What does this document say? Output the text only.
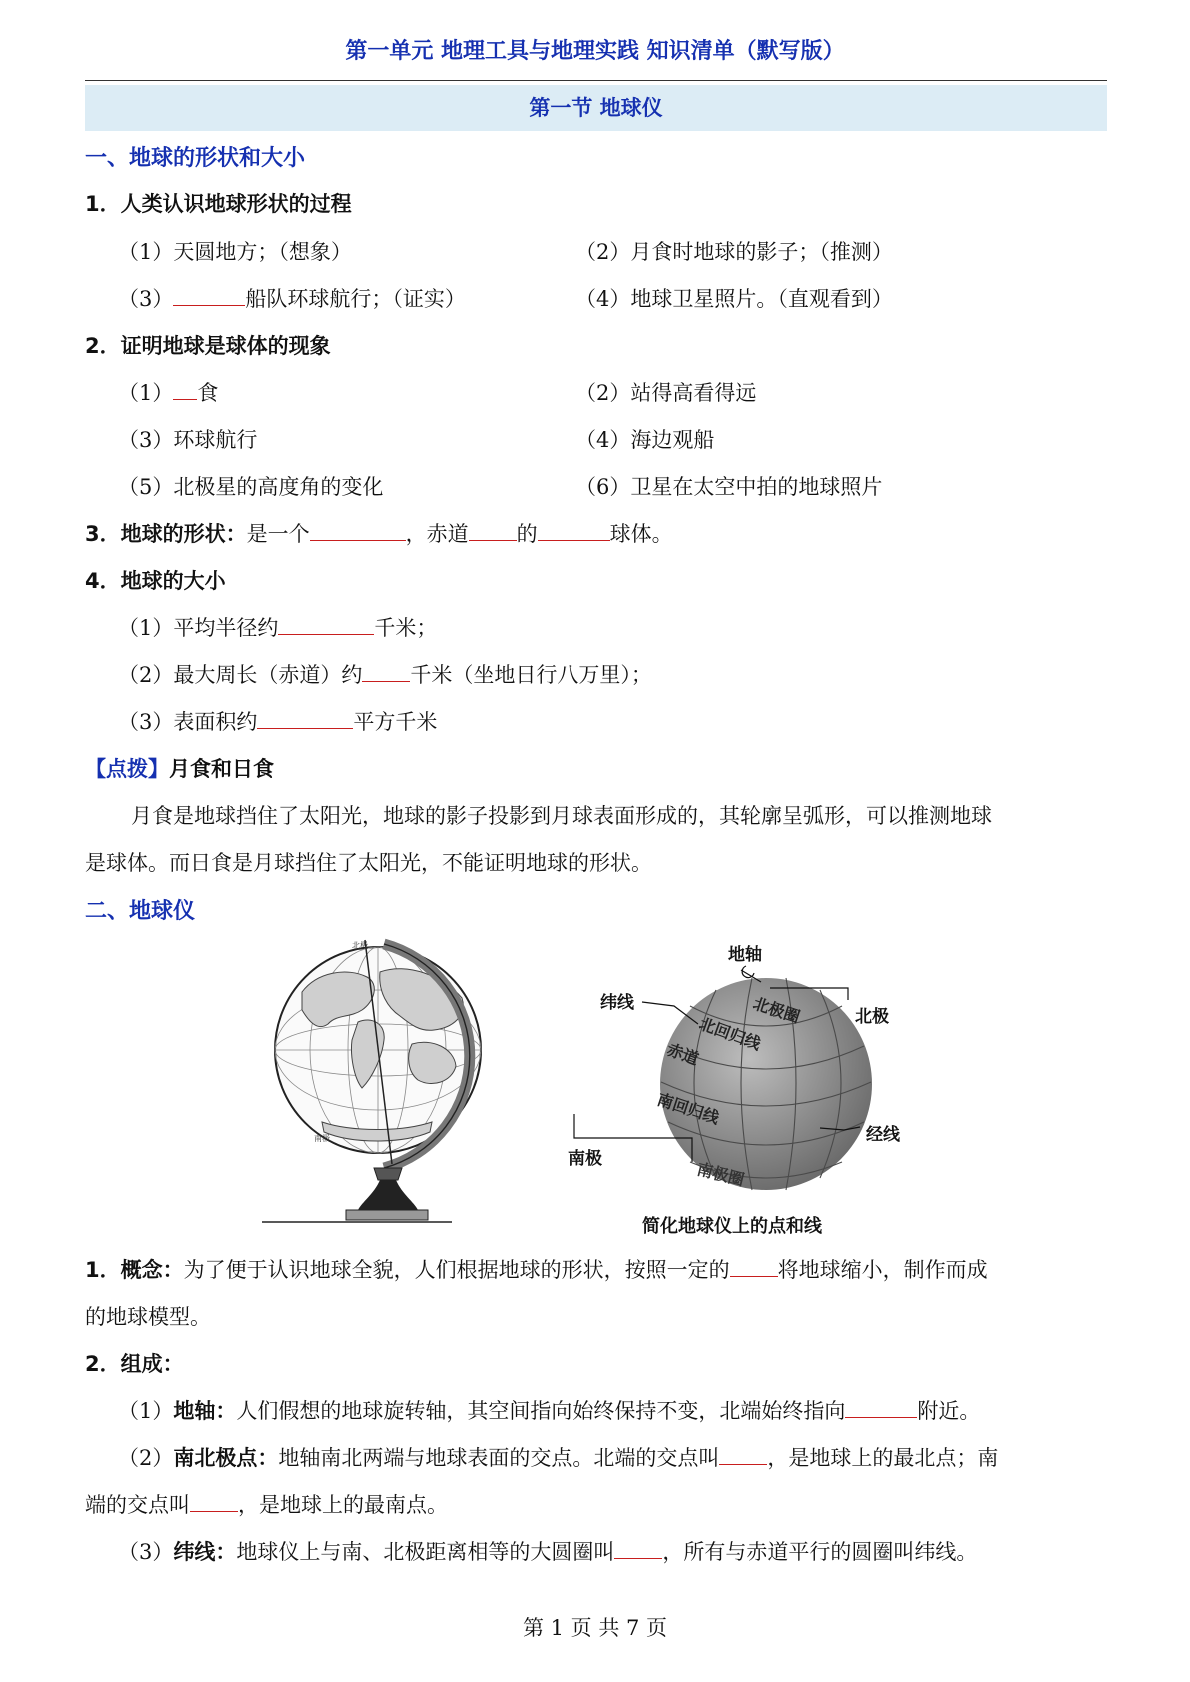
第一单元 地理工具与地理实践 知识清单（默写版）
第一节 地球仪
一、地球的形状和大小
1．人类认识地球形状的过程
（1）天圆地方；（想象）	（2）月食时地球的影子；（推测）
（3）	船队环球航行；（证实）	（4）地球卫星照片。（直观看到）
2．证明地球是球体的现象
（1） 食	（2）站得高看得远
（3）环球航行	（4）海边观船
（5）北极星的高度角的变化	（6）卫星在太空中拍的地球照片
3．地球的形状：是一个	，赤道 的	球体。
4．地球的大小
（1）平均半径约	千米；
（2）最大周长（赤道）约 千米（坐地日行八万里）；
（3）表面积约	平方千米
【点拨】月食和日食
月食是地球挡住了太阳光，地球的影子投影到月球表面形成的，其轮廓呈弧形，可以推测地球
是球体。而日食是月球挡住了太阳光，不能证明地球的形状。
二、地球仪
北极
南极
地轴
纬线
北极
北极圈
北回归线
赤道
南回归线
经线
南极
南极圈
简化地球仪上的点和线
1．概念：为了便于认识地球全貌，人们根据地球的形状，按照一定的 将地球缩小，制作而成
的地球模型。
2．组成：
（1）地轴：人们假想的地球旋转轴，其空间指向始终保持不变，北端始终指向	附近。
（2）南北极点：地轴南北两端与地球表面的交点。北端的交点叫 ，是地球上的最北点；南
端的交点叫 ，是地球上的最南点。
（3）纬线：地球仪上与南、北极距离相等的大圆圈叫 ，所有与赤道平行的圆圈叫纬线。
第 1 页 共 7 页
